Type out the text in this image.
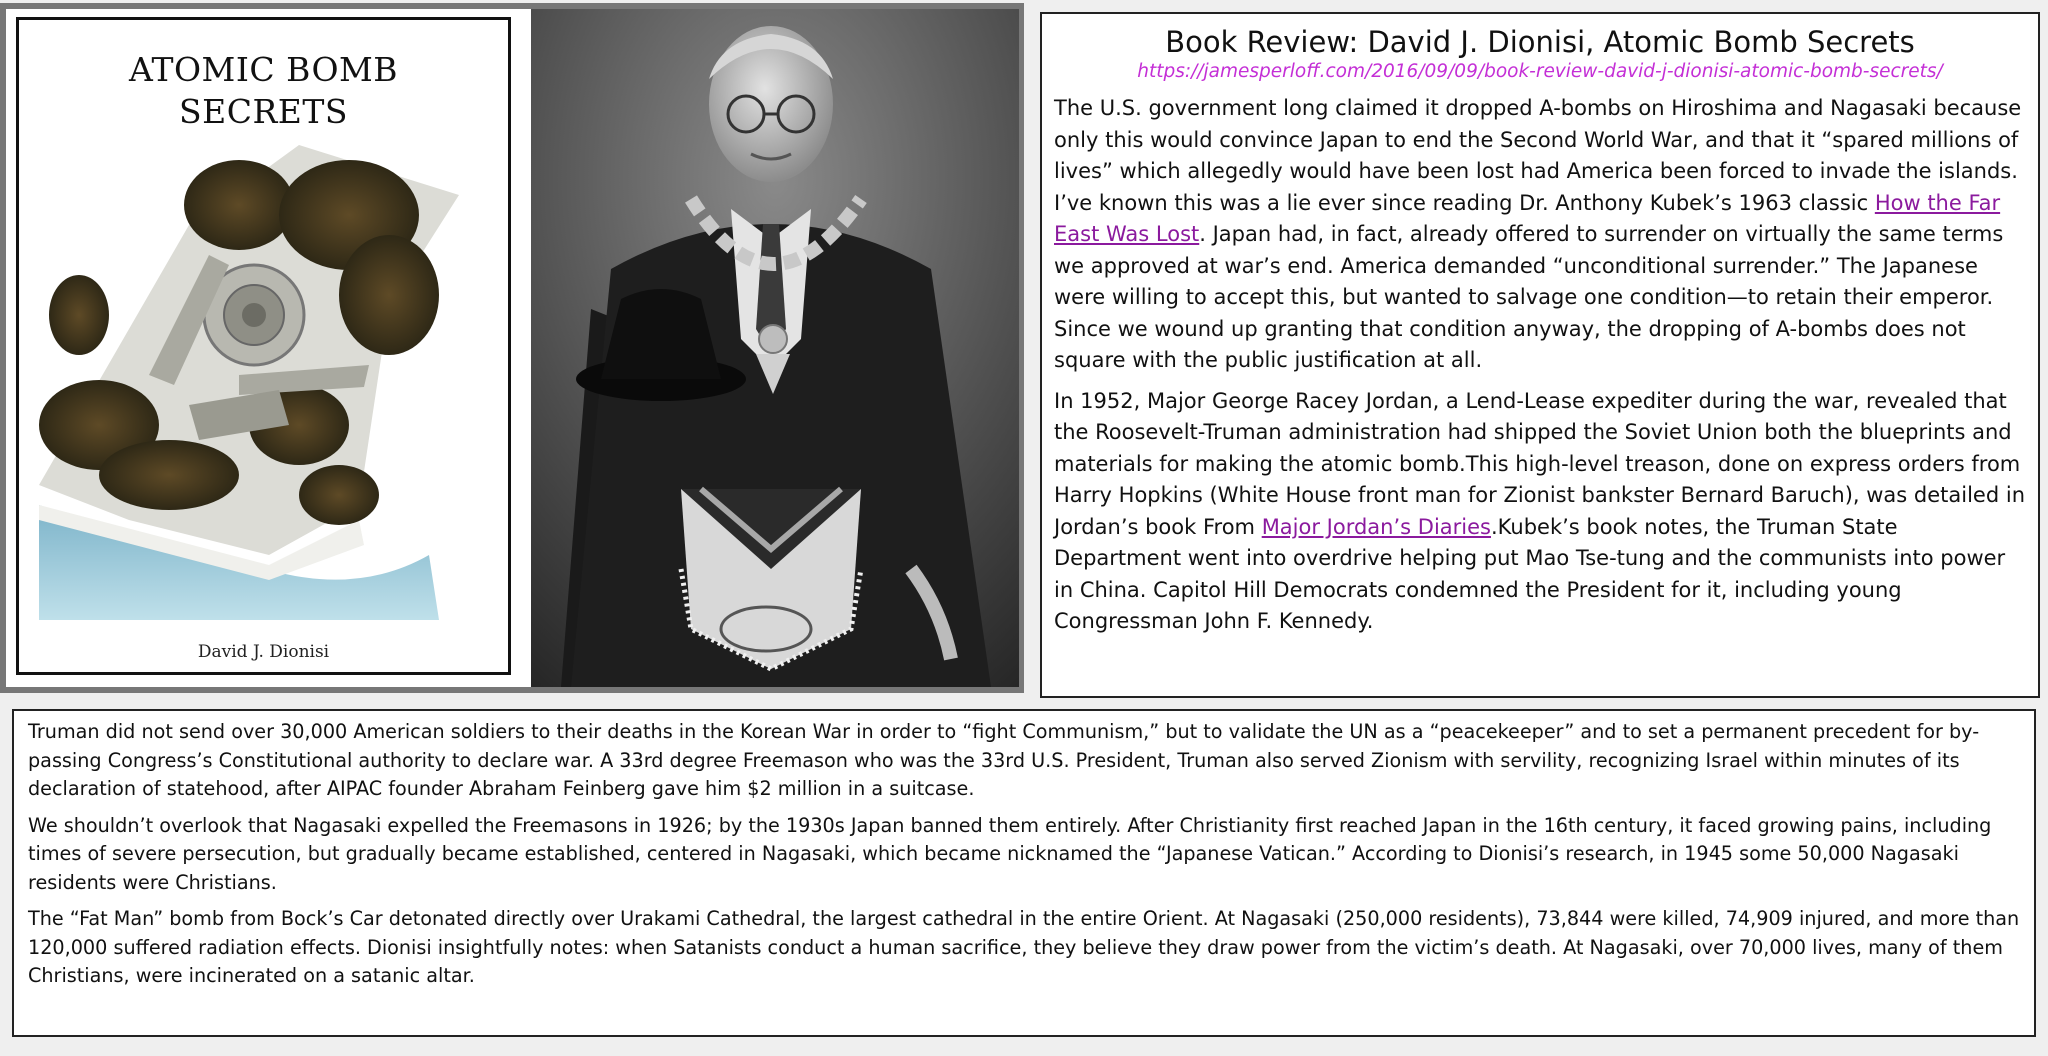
ATOMIC BOMB
SECRETS
David J. Dionisi
Book Review: David J. Dionisi, Atomic Bomb Secrets
https://jamesperloff.com/2016/09/09/book-review-david-j-dionisi-atomic-bomb-secrets/

The U.S. government long claimed it dropped A-bombs on Hiroshima and Nagasaki because only this would convince Japan to end the Second World War, and that it “spared millions of lives” which allegedly would have been lost had America been forced to invade the islands. I’ve known this was a lie ever since reading Dr. Anthony Kubek’s 1963 classic How the Far East Was Lost. Japan had, in fact, already offered to surrender on virtually the same terms we approved at war’s end. America demanded “unconditional surrender.” The Japanese were willing to accept this, but wanted to salvage one condition—to retain their emperor. Since we wound up granting that condition anyway, the dropping of A-bombs does not square with the public justification at all.

In 1952, Major George Racey Jordan, a Lend-Lease expediter during the war, revealed that the Roosevelt-Truman administration had shipped the Soviet Union both the blueprints and materials for making the atomic bomb.This high-level treason, done on express orders from Harry Hopkins (White House front man for Zionist bankster Bernard Baruch), was detailed in Jordan’s book From Major Jordan’s Diaries.Kubek’s book notes, the Truman State Department went into overdrive helping put Mao Tse-tung and the communists into power in China. Capitol Hill Democrats condemned the President for it, including young Congressman John F. Kennedy.

Truman did not send over 30,000 American soldiers to their deaths in the Korean War in order to “fight Communism,” but to validate the UN as a “peacekeeper” and to set a permanent precedent for by-passing Congress’s Constitutional authority to declare war. A 33rd degree Freemason who was the 33rd U.S. President, Truman also served Zionism with servility, recognizing Israel within minutes of its declaration of statehood, after AIPAC founder Abraham Feinberg gave him $2 million in a suitcase.

We shouldn’t overlook that Nagasaki expelled the Freemasons in 1926; by the 1930s Japan banned them entirely. After Christianity first reached Japan in the 16th century, it faced growing pains, including times of severe persecution, but gradually became established, centered in Nagasaki, which became nicknamed the “Japanese Vatican.” According to Dionisi’s research, in 1945 some 50,000 Nagasaki residents were Christians.

The “Fat Man” bomb from Bock’s Car detonated directly over Urakami Cathedral, the largest cathedral in the entire Orient. At Nagasaki (250,000 residents), 73,844 were killed, 74,909 injured, and more than 120,000 suffered radiation effects. Dionisi insightfully notes: when Satanists conduct a human sacrifice, they believe they draw power from the victim’s death. At Nagasaki, over 70,000 lives, many of them Christians, were incinerated on a satanic altar.
